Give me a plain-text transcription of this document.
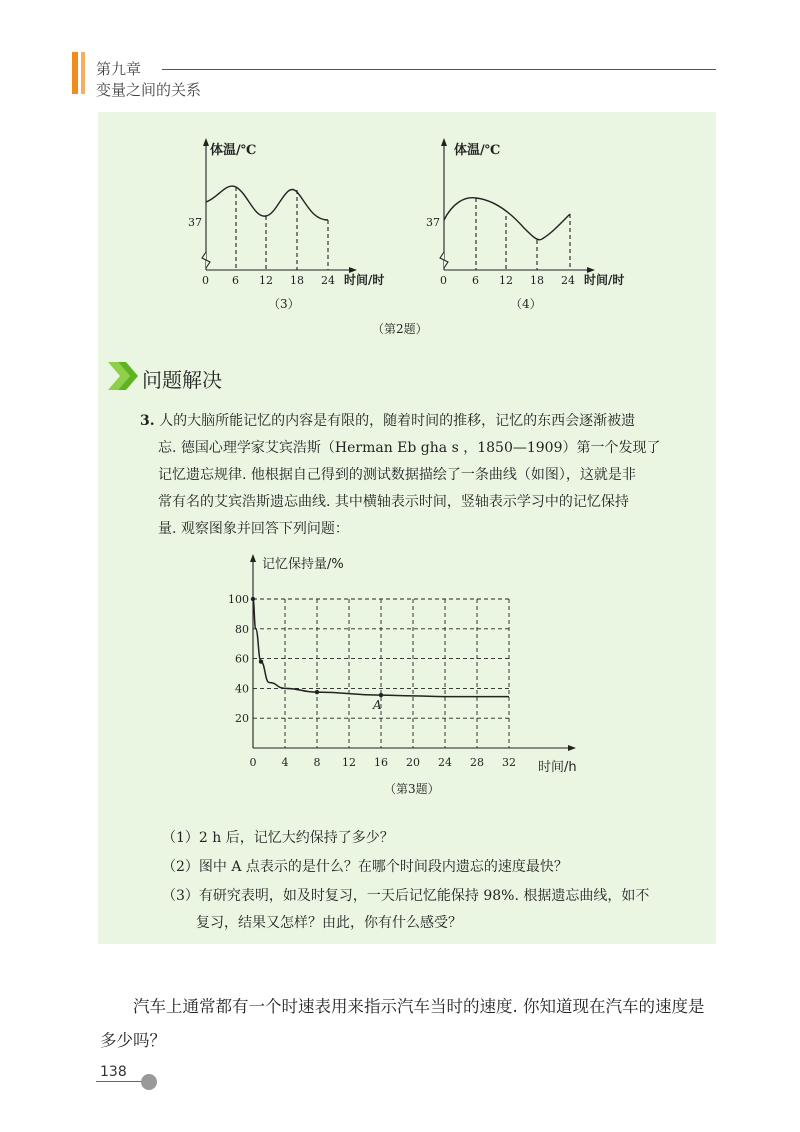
第九章
变量之间的关系
体温/℃
37
0 6 12 18 24 时间/时
（3）
体温/℃
37
0 6 12 18 24 时间/时
（4）
（第2题）
问题解决
3. 人的大脑所能记忆的内容是有限的，随着时间的推移，记忆的东西会逐渐被遗
忘. 德国心理学家艾宾浩斯（Herman Eb gha s ，1850—1909）第一个发现了
记忆遗忘规律. 他根据自己得到的测试数据描绘了一条曲线（如图），这就是非
常有名的艾宾浩斯遗忘曲线. 其中横轴表示时间，竖轴表示学习中的记忆保持
量. 观察图象并回答下列问题：
记忆保持量/%
时间/h
20
40
60
80
100
0 4 8 12 16 20 24 28 32
A
（第3题）
（1）2 h 后，记忆大约保持了多少？
（2）图中 A 点表示的是什么？在哪个时间段内遗忘的速度最快？
（3）有研究表明，如及时复习，一天后记忆能保持 98%. 根据遗忘曲线，如不
复习，结果又怎样？由此，你有什么感受？
汽车上通常都有一个时速表用来指示汽车当时的速度. 你知道现在汽车的速度是多少吗？
138
